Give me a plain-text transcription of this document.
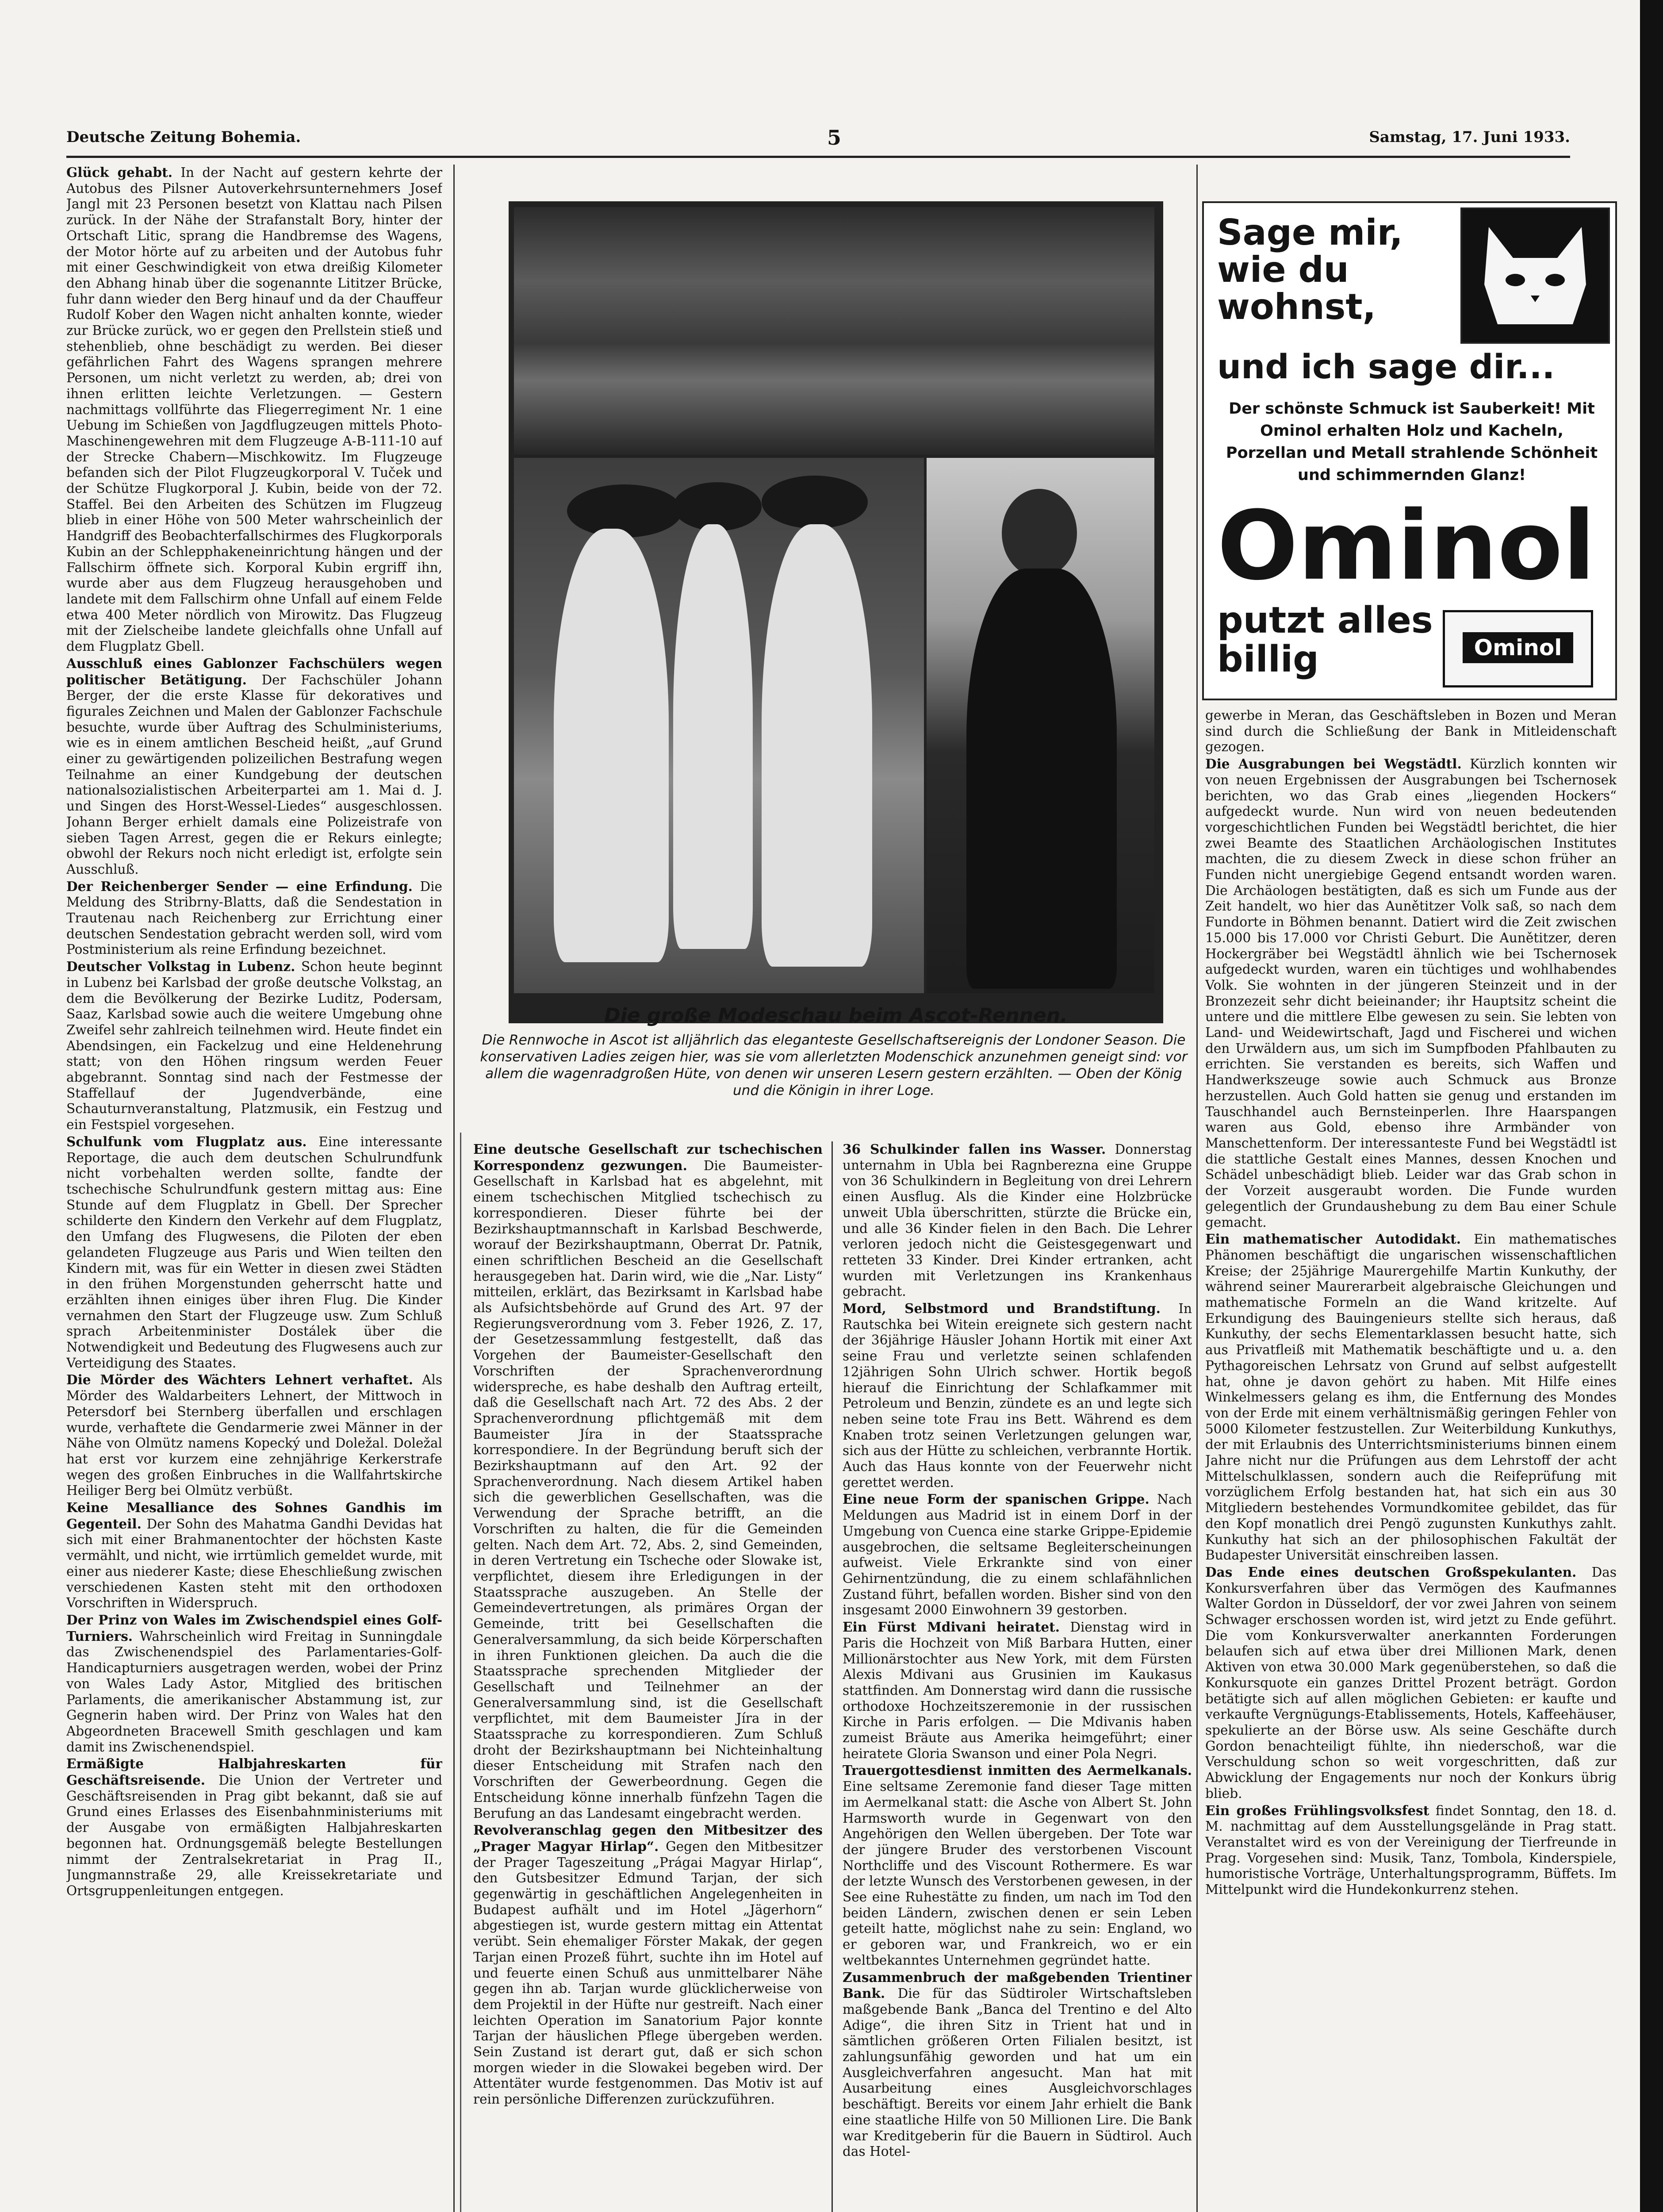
Deutsche Zeitung Bohemia.	5	Samstag, 17. Juni 1933.

Glück gehabt. In der Nacht auf gestern kehrte der Autobus des Pilsner Autoverkehrsunternehmers Josef Jangl mit 23 Personen besetzt von Klattau nach Pilsen zurück. In der Nähe der Strafanstalt Bory, hinter der Ortschaft Litic, sprang die Handbremse des Wagens, der Motor hörte auf zu arbeiten und der Autobus fuhr mit einer Geschwindigkeit von etwa dreißig Kilometer den Abhang hinab über die sogenannte Lititzer Brücke, fuhr dann wieder den Berg hinauf und da der Chauffeur Rudolf Kober den Wagen nicht anhalten konnte, wieder zur Brücke zurück, wo er gegen den Prellstein stieß und stehenblieb, ohne beschädigt zu werden. Bei dieser gefährlichen Fahrt des Wagens sprangen mehrere Personen, um nicht verletzt zu werden, ab; drei von ihnen erlitten leichte Verletzungen. — Gestern nachmittags vollführte das Fliegerregiment Nr. 1 eine Uebung im Schießen von Jagdflugzeugen mittels Photo-Maschinengewehren mit dem Flugzeuge A-B-111-10 auf der Strecke Chabern—Mischkowitz. Im Flugzeuge befanden sich der Pilot Flugzeugkorporal V. Tuček und der Schütze Flugkorporal J. Kubin, beide von der 72. Staffel. Bei den Arbeiten des Schützen im Flugzeug blieb in einer Höhe von 500 Meter wahrscheinlich der Handgriff des Beobachterfallschirmes des Flugkorporals Kubin an der Schlepphakeneinrichtung hängen und der Fallschirm öffnete sich. Korporal Kubin ergriff ihn, wurde aber aus dem Flugzeug herausgehoben und landete mit dem Fallschirm ohne Unfall auf einem Felde etwa 400 Meter nördlich von Mirowitz. Das Flugzeug mit der Zielscheibe landete gleichfalls ohne Unfall auf dem Flugplatz Gbell.

Ausschluß eines Gablonzer Fachschülers wegen politischer Betätigung. Der Fachschüler Johann Berger, der die erste Klasse für dekoratives und figurales Zeichnen und Malen der Gablonzer Fachschule besuchte, wurde über Auftrag des Schulministeriums, wie es in einem amtlichen Bescheid heißt, „auf Grund einer zu gewärtigenden polizeilichen Bestrafung wegen Teilnahme an einer Kundgebung der deutschen nationalsozialistischen Arbeiterpartei am 1. Mai d. J. und Singen des Horst-Wessel-Liedes“ ausgeschlossen. Johann Berger erhielt damals eine Polizeistrafe von sieben Tagen Arrest, gegen die er Rekurs einlegte; obwohl der Rekurs noch nicht erledigt ist, erfolgte sein Ausschluß.

Der Reichenberger Sender — eine Erfindung. Die Meldung des Stribrny-Blatts, daß die Sendestation in Trautenau nach Reichenberg zur Errichtung einer deutschen Sendestation gebracht werden soll, wird vom Postministerium als reine Erfindung bezeichnet.

Deutscher Volkstag in Lubenz. Schon heute beginnt in Lubenz bei Karlsbad der große deutsche Volkstag, an dem die Bevölkerung der Bezirke Luditz, Podersam, Saaz, Karlsbad sowie auch die weitere Umgebung ohne Zweifel sehr zahlreich teilnehmen wird. Heute findet ein Abendsingen, ein Fackelzug und eine Heldenehrung statt; von den Höhen ringsum werden Feuer abgebrannt. Sonntag sind nach der Festmesse der Staffellauf der Jugendverbände, eine Schauturnveranstaltung, Platzmusik, ein Festzug und ein Festspiel vorgesehen.

Schulfunk vom Flugplatz aus. Eine interessante Reportage, die auch dem deutschen Schulrundfunk nicht vorbehalten werden sollte, fandte der tschechische Schulrundfunk gestern mittag aus: Eine Stunde auf dem Flugplatz in Gbell. Der Sprecher schilderte den Kindern den Verkehr auf dem Flugplatz, den Umfang des Flugwesens, die Piloten der eben gelandeten Flugzeuge aus Paris und Wien teilten den Kindern mit, was für ein Wetter in diesen zwei Städten in den frühen Morgenstunden geherrscht hatte und erzählten ihnen einiges über ihren Flug. Die Kinder vernahmen den Start der Flugzeuge usw. Zum Schluß sprach Arbeitenminister Dostálek über die Notwendigkeit und Bedeutung des Flugwesens auch zur Verteidigung des Staates.

Die Mörder des Wächters Lehnert verhaftet. Als Mörder des Waldarbeiters Lehnert, der Mittwoch in Petersdorf bei Sternberg überfallen und erschlagen wurde, verhaftete die Gendarmerie zwei Männer in der Nähe von Olmütz namens Kopecký und Doležal. Doležal hat erst vor kurzem eine zehnjährige Kerkerstrafe wegen des großen Einbruches in die Wallfahrtskirche Heiliger Berg bei Olmütz verbüßt.

Keine Mesalliance des Sohnes Gandhis im Gegenteil. Der Sohn des Mahatma Gandhi Devidas hat sich mit einer Brahmanentochter der höchsten Kaste vermählt, und nicht, wie irrtümlich gemeldet wurde, mit einer aus niederer Kaste; diese Eheschließung zwischen verschiedenen Kasten steht mit den orthodoxen Vorschriften in Widerspruch.

Der Prinz von Wales im Zwischendspiel eines Golf-Turniers. Wahrscheinlich wird Freitag in Sunningdale das Zwischenendspiel des Parlamentaries-Golf-Handicapturniers ausgetragen werden, wobei der Prinz von Wales Lady Astor, Mitglied des britischen Parlaments, die amerikanischer Abstammung ist, zur Gegnerin haben wird. Der Prinz von Wales hat den Abgeordneten Bracewell Smith geschlagen und kam damit ins Zwischenendspiel.

Ermäßigte Halbjahreskarten für Geschäftsreisende. Die Union der Vertreter und Geschäftsreisenden in Prag gibt bekannt, daß sie auf Grund eines Erlasses des Eisenbahnministeriums mit der Ausgabe von ermäßigten Halbjahreskarten begonnen hat. Ordnungsgemäß belegte Bestellungen nimmt der Zentralsekretariat in Prag II., Jungmannstraße 29, alle Kreissekretariate und Ortsgruppenleitungen entgegen.

Die große Modeschau beim Ascot-Rennen.
Die Rennwoche in Ascot ist alljährlich das eleganteste Gesellschaftsereignis der Londoner Season. Die konservativen Ladies zeigen hier, was sie vom allerletzten Modenschick anzunehmen geneigt sind: vor allem die wagenradgroßen Hüte, von denen wir unseren Lesern gestern erzählten. — Oben der König und die Königin in ihrer Loge.

Eine deutsche Gesellschaft zur tschechischen Korrespondenz gezwungen. Die Baumeister-Gesellschaft in Karlsbad hat es abgelehnt, mit einem tschechischen Mitglied tschechisch zu korrespondieren. Dieser führte bei der Bezirkshauptmannschaft in Karlsbad Beschwerde, worauf der Bezirkshauptmann, Oberrat Dr. Patnik, einen schriftlichen Bescheid an die Gesellschaft herausgegeben hat. Darin wird, wie die „Nar. Listy“ mitteilen, erklärt, das Bezirksamt in Karlsbad habe als Aufsichtsbehörde auf Grund des Art. 97 der Regierungsverordnung vom 3. Feber 1926, Z. 17, der Gesetzessammlung festgestellt, daß das Vorgehen der Baumeister-Gesellschaft den Vorschriften der Sprachenverordnung widerspreche, es habe deshalb den Auftrag erteilt, daß die Gesellschaft nach Art. 72 des Abs. 2 der Sprachenverordnung pflichtgemäß mit dem Baumeister Jíra in der Staatssprache korrespondiere. In der Begründung beruft sich der Bezirkshauptmann auf den Art. 92 der Sprachenverordnung. Nach diesem Artikel haben sich die gewerblichen Gesellschaften, was die Verwendung der Sprache betrifft, an die Vorschriften zu halten, die für die Gemeinden gelten. Nach dem Art. 72, Abs. 2, sind Gemeinden, in deren Vertretung ein Tscheche oder Slowake ist, verpflichtet, diesem ihre Erledigungen in der Staatssprache auszugeben. An Stelle der Gemeindevertretungen, als primäres Organ der Gemeinde, tritt bei Gesellschaften die Generalversammlung, da sich beide Körperschaften in ihren Funktionen gleichen. Da auch die die Staatssprache sprechenden Mitglieder der Gesellschaft und Teilnehmer an der Generalversammlung sind, ist die Gesellschaft verpflichtet, mit dem Baumeister Jíra in der Staatssprache zu korrespondieren. Zum Schluß droht der Bezirkshauptmann bei Nichteinhaltung dieser Entscheidung mit Strafen nach den Vorschriften der Gewerbeordnung. Gegen die Entscheidung könne innerhalb fünfzehn Tagen die Berufung an das Landesamt eingebracht werden.

Revolveranschlag gegen den Mitbesitzer des „Prager Magyar Hirlap“. Gegen den Mitbesitzer der Prager Tageszeitung „Prágai Magyar Hirlap“, den Gutsbesitzer Edmund Tarjan, der sich gegenwärtig in geschäftlichen Angelegenheiten in Budapest aufhält und im Hotel „Jägerhorn“ abgestiegen ist, wurde gestern mittag ein Attentat verübt. Sein ehemaliger Förster Makak, der gegen Tarjan einen Prozeß führt, suchte ihn im Hotel auf und feuerte einen Schuß aus unmittelbarer Nähe gegen ihn ab. Tarjan wurde glücklicherweise von dem Projektil in der Hüfte nur gestreift. Nach einer leichten Operation im Sanatorium Pajor konnte Tarjan der häuslichen Pflege übergeben werden. Sein Zustand ist derart gut, daß er sich schon morgen wieder in die Slowakei begeben wird. Der Attentäter wurde festgenommen. Das Motiv ist auf rein persönliche Differenzen zurückzuführen.

36 Schulkinder fallen ins Wasser. Donnerstag unternahm in Ubla bei Ragnberezna eine Gruppe von 36 Schulkindern in Begleitung von drei Lehrern einen Ausflug. Als die Kinder eine Holzbrücke unweit Ubla überschritten, stürzte die Brücke ein, und alle 36 Kinder fielen in den Bach. Die Lehrer verloren jedoch nicht die Geistesgegenwart und retteten 33 Kinder. Drei Kinder ertranken, acht wurden mit Verletzungen ins Krankenhaus gebracht.

Mord, Selbstmord und Brandstiftung. In Rautschka bei Witein ereignete sich gestern nacht der 36jährige Häusler Johann Hortik mit einer Axt seine Frau und verletzte seinen schlafenden 12jährigen Sohn Ulrich schwer. Hortik begoß hierauf die Einrichtung der Schlafkammer mit Petroleum und Benzin, zündete es an und legte sich neben seine tote Frau ins Bett. Während es dem Knaben trotz seinen Verletzungen gelungen war, sich aus der Hütte zu schleichen, verbrannte Hortik. Auch das Haus konnte von der Feuerwehr nicht gerettet werden.

Eine neue Form der spanischen Grippe. Nach Meldungen aus Madrid ist in einem Dorf in der Umgebung von Cuenca eine starke Grippe-Epidemie ausgebrochen, die seltsame Begleiterscheinungen aufweist. Viele Erkrankte sind von einer Gehirnentzündung, die zu einem schlafähnlichen Zustand führt, befallen worden. Bisher sind von den insgesamt 2000 Einwohnern 39 gestorben.

Ein Fürst Mdivani heiratet. Dienstag wird in Paris die Hochzeit von Miß Barbara Hutten, einer Millionärstochter aus New York, mit dem Fürsten Alexis Mdivani aus Grusinien im Kaukasus stattfinden. Am Donnerstag wird dann die russische orthodoxe Hochzeitszeremonie in der russischen Kirche in Paris erfolgen. — Die Mdivanis haben zumeist Bräute aus Amerika heimgeführt; einer heiratete Gloria Swanson und einer Pola Negri.

Trauergottesdienst inmitten des Aermelkanals. Eine seltsame Zeremonie fand dieser Tage mitten im Aermelkanal statt: die Asche von Albert St. John Harmsworth wurde in Gegenwart von den Angehörigen den Wellen übergeben. Der Tote war der jüngere Bruder des verstorbenen Viscount Northcliffe und des Viscount Rothermere. Es war der letzte Wunsch des Verstorbenen gewesen, in der See eine Ruhestätte zu finden, um nach im Tod den beiden Ländern, zwischen denen er sein Leben geteilt hatte, möglichst nahe zu sein: England, wo er geboren war, und Frankreich, wo er ein weltbekanntes Unternehmen gegründet hatte.

Zusammenbruch der maßgebenden Trientiner Bank. Die für das Südtiroler Wirtschaftsleben maßgebende Bank „Banca del Trentino e del Alto Adige“, die ihren Sitz in Trient hat und in sämtlichen größeren Orten Filialen besitzt, ist zahlungsunfähig geworden und hat um ein Ausgleichverfahren angesucht. Man hat mit Ausarbeitung eines Ausgleichvorschlages beschäftigt. Bereits vor einem Jahr erhielt die Bank eine staatliche Hilfe von 50 Millionen Lire. Die Bank war Kreditgeberin für die Bauern in Südtirol. Auch das Hotel-

Sage mir,
wie du
wohnst,
und ich sage dir...
Der schönste Schmuck ist Sauberkeit! Mit Ominol erhalten Holz und Kacheln, Porzellan und Metall strahlende Schönheit und schimmernden Glanz!
Ominol
putzt alles
billig	Ominol

gewerbe in Meran, das Geschäftsleben in Bozen und Meran sind durch die Schließung der Bank in Mitleidenschaft gezogen.

Die Ausgrabungen bei Wegstädtl. Kürzlich konnten wir von neuen Ergebnissen der Ausgrabungen bei Tschernosek berichten, wo das Grab eines „liegenden Hockers“ aufgedeckt wurde. Nun wird von neuen bedeutenden vorgeschichtlichen Funden bei Wegstädtl berichtet, die hier zwei Beamte des Staatlichen Archäologischen Institutes machten, die zu diesem Zweck in diese schon früher an Funden nicht unergiebige Gegend entsandt worden waren. Die Archäologen bestätigten, daß es sich um Funde aus der Zeit handelt, wo hier das Aunětitzer Volk saß, so nach dem Fundorte in Böhmen benannt. Datiert wird die Zeit zwischen 15.000 bis 17.000 vor Christi Geburt. Die Aunětitzer, deren Hockergräber bei Wegstädtl ähnlich wie bei Tschernosek aufgedeckt wurden, waren ein tüchtiges und wohlhabendes Volk. Sie wohnten in der jüngeren Steinzeit und in der Bronzezeit sehr dicht beieinander; ihr Hauptsitz scheint die untere und die mittlere Elbe gewesen zu sein. Sie lebten von Land- und Weidewirtschaft, Jagd und Fischerei und wichen den Urwäldern aus, um sich im Sumpfboden Pfahlbauten zu errichten. Sie verstanden es bereits, sich Waffen und Handwerkszeuge sowie auch Schmuck aus Bronze herzustellen. Auch Gold hatten sie genug und erstanden im Tauschhandel auch Bernsteinperlen. Ihre Haarspangen waren aus Gold, ebenso ihre Armbänder von Manschettenform. Der interessanteste Fund bei Wegstädtl ist die stattliche Gestalt eines Mannes, dessen Knochen und Schädel unbeschädigt blieb. Leider war das Grab schon in der Vorzeit ausgeraubt worden. Die Funde wurden gelegentlich der Grundaushebung zu dem Bau einer Schule gemacht.

Ein mathematischer Autodidakt. Ein mathematisches Phänomen beschäftigt die ungarischen wissenschaftlichen Kreise; der 25jährige Maurergehilfe Martin Kunkuthy, der während seiner Maurerarbeit algebraische Gleichungen und mathematische Formeln an die Wand kritzelte. Auf Erkundigung des Bauingenieurs stellte sich heraus, daß Kunkuthy, der sechs Elementarklassen besucht hatte, sich aus Privatfleiß mit Mathematik beschäftigte und u. a. den Pythagoreischen Lehrsatz von Grund auf selbst aufgestellt hat, ohne je davon gehört zu haben. Mit Hilfe eines Winkelmessers gelang es ihm, die Entfernung des Mondes von der Erde mit einem verhältnismäßig geringen Fehler von 5000 Kilometer festzustellen. Zur Weiterbildung Kunkuthys, der mit Erlaubnis des Unterrichtsministeriums binnen einem Jahre nicht nur die Prüfungen aus dem Lehrstoff der acht Mittelschulklassen, sondern auch die Reifeprüfung mit vorzüglichem Erfolg bestanden hat, hat sich ein aus 30 Mitgliedern bestehendes Vormundkomitee gebildet, das für den Kopf monatlich drei Pengö zugunsten Kunkuthys zahlt. Kunkuthy hat sich an der philosophischen Fakultät der Budapester Universität einschreiben lassen.

Das Ende eines deutschen Großspekulanten. Das Konkursverfahren über das Vermögen des Kaufmannes Walter Gordon in Düsseldorf, der vor zwei Jahren von seinem Schwager erschossen worden ist, wird jetzt zu Ende geführt. Die vom Konkursverwalter anerkannten Forderungen belaufen sich auf etwa über drei Millionen Mark, denen Aktiven von etwa 30.000 Mark gegenüberstehen, so daß die Konkursquote ein ganzes Drittel Prozent beträgt. Gordon betätigte sich auf allen möglichen Gebieten: er kaufte und verkaufte Vergnügungs-Etablissements, Hotels, Kaffeehäuser, spekulierte an der Börse usw. Als seine Geschäfte durch Gordon benachteiligt fühlte, ihn niederschoß, war die Verschuldung schon so weit vorgeschritten, daß zur Abwicklung der Engagements nur noch der Konkurs übrig blieb.

Ein großes Frühlingsvolksfest findet Sonntag, den 18. d. M. nachmittag auf dem Ausstellungsgelände in Prag statt. Veranstaltet wird es von der Vereinigung der Tierfreunde in Prag. Vorgesehen sind: Musik, Tanz, Tombola, Kinderspiele, humoristische Vorträge, Unterhaltungsprogramm, Büffets. Im Mittelpunkt wird die Hundekonkurrenz stehen.
